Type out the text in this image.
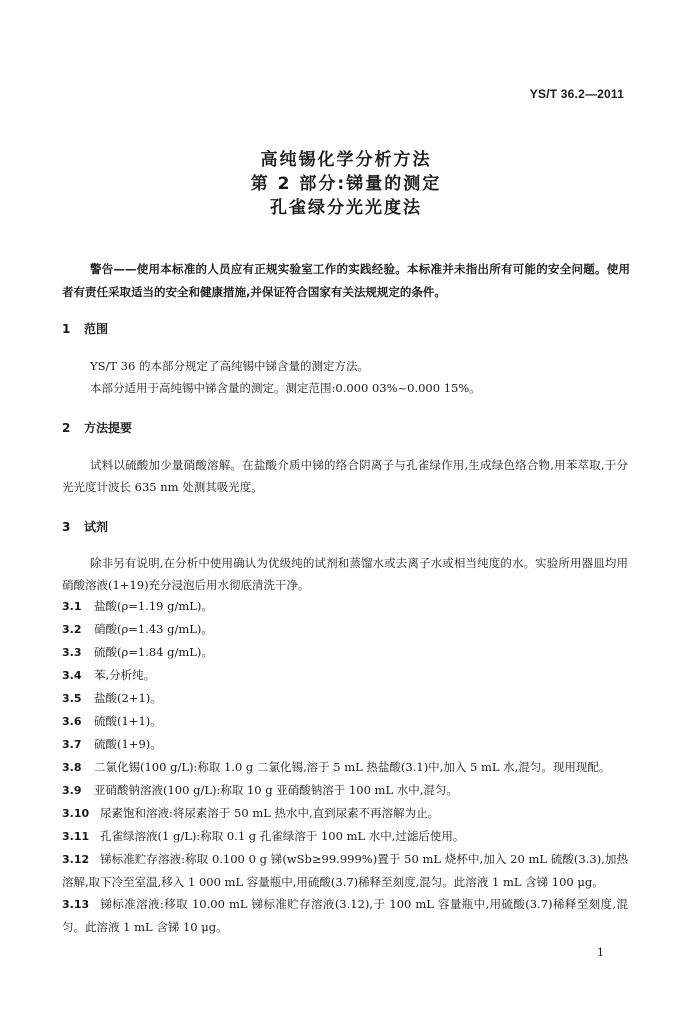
YS/T 36.2—2011
高纯锡化学分析方法
第 2 部分:锑量的测定
孔雀绿分光光度法
警告——使用本标准的人员应有正规实验室工作的实践经验。本标准并未指出所有可能的安全问题。使用者有责任采取适当的安全和健康措施,并保证符合国家有关法规规定的条件。
1 范围
YS/T 36 的本部分规定了高纯锡中锑含量的测定方法。
本部分适用于高纯锡中锑含量的测定。测定范围:0.000 03%~0.000 15%。
2 方法提要
试料以硫酸加少量硝酸溶解。在盐酸介质中锑的络合阴离子与孔雀绿作用,生成绿色络合物,用苯萃取,于分光光度计波长 635 nm 处测其吸光度。
3 试剂
除非另有说明,在分析中使用确认为优级纯的试剂和蒸馏水或去离子水或相当纯度的水。实验所用器皿均用硝酸溶液(1+19)充分浸泡后用水彻底清洗干净。
3.1 盐酸(ρ=1.19 g/mL)。
3.2 硝酸(ρ=1.43 g/mL)。
3.3 硫酸(ρ=1.84 g/mL)。
3.4 苯,分析纯。
3.5 盐酸(2+1)。
3.6 硫酸(1+1)。
3.7 硫酸(1+9)。
3.8 二氯化锡(100 g/L):称取 1.0 g 二氯化锡,溶于 5 mL 热盐酸(3.1)中,加入 5 mL 水,混匀。现用现配。
3.9 亚硝酸钠溶液(100 g/L):称取 10 g 亚硝酸钠溶于 100 mL 水中,混匀。
3.10 尿素饱和溶液:将尿素溶于 50 mL 热水中,直到尿素不再溶解为止。
3.11 孔雀绿溶液(1 g/L):称取 0.1 g 孔雀绿溶于 100 mL 水中,过滤后使用。
3.12 锑标准贮存溶液:称取 0.100 0 g 锑(wSb≥99.999%)置于 50 mL 烧杯中,加入 20 mL 硫酸(3.3),加热溶解,取下冷至室温,移入 1 000 mL 容量瓶中,用硫酸(3.7)稀释至刻度,混匀。此溶液 1 mL 含锑 100 μg。
3.13 锑标准溶液:移取 10.00 mL 锑标准贮存溶液(3.12),于 100 mL 容量瓶中,用硫酸(3.7)稀释至刻度,混匀。此溶液 1 mL 含锑 10 μg。
1
